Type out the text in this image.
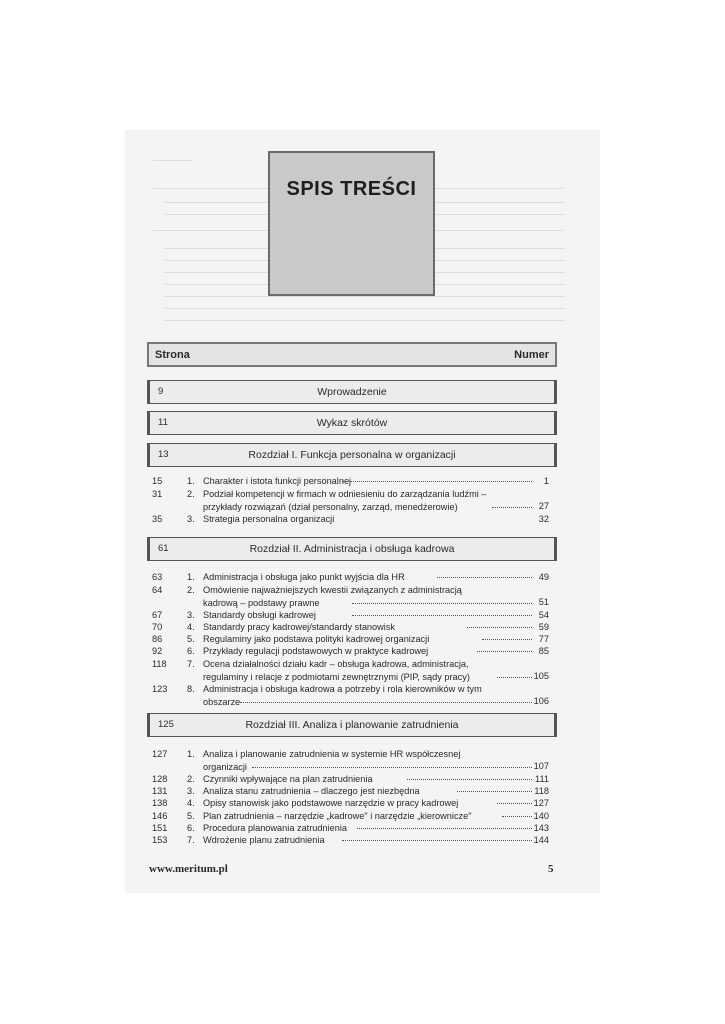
SPIS TREŚCI
Strona	Numer
9	Wprowadzenie
11	Wykaz skrótów
13	Rozdział I. Funkcja personalna w organizacji
15	1. Charakter i istota funkcji personalnej	1
31	2. Podział kompetencji w firmach w odniesieniu do zarządzania ludźmi –
przykłady rozwiązań (dział personalny, zarząd, menedżerowie)	27
35	3. Strategia personalna organizacji	32
61	Rozdział II. Administracja i obsługa kadrowa
63	1. Administracja i obsługa jako punkt wyjścia dla HR	49
64	2. Omówienie najważniejszych kwestii związanych z administracją
kadrową – podstawy prawne	51
67	3. Standardy obsługi kadrowej	54
70	4. Standardy pracy kadrowej/standardy stanowisk	59
86	5. Regulaminy jako podstawa polityki kadrowej organizacji	77
92	6. Przykłady regulacji podstawowych w praktyce kadrowej	85
118	7. Ocena działalności działu kadr – obsługa kadrowa, administracja,
regulaminy i relacje z podmiotami zewnętrznymi (PIP, sądy pracy)	105
123	8. Administracja i obsługa kadrowa a potrzeby i rola kierowników w tym
obszarze	106
125	Rozdział III. Analiza i planowanie zatrudnienia
127	1. Analiza i planowanie zatrudnienia w systemie HR współczesnej
organizacji	107
128	2. Czynniki wpływające na plan zatrudnienia	111
131	3. Analiza stanu zatrudnienia – dlaczego jest niezbędna	118
138	4. Opisy stanowisk jako podstawowe narzędzie w pracy kadrowej	127
146	5. Plan zatrudnienia – narzędzie „kadrowe" i narzędzie „kierownicze"	140
151	6. Procedura planowania zatrudnienia	143
153	7. Wdrożenie planu zatrudnienia	144
www.meritum.pl	5
